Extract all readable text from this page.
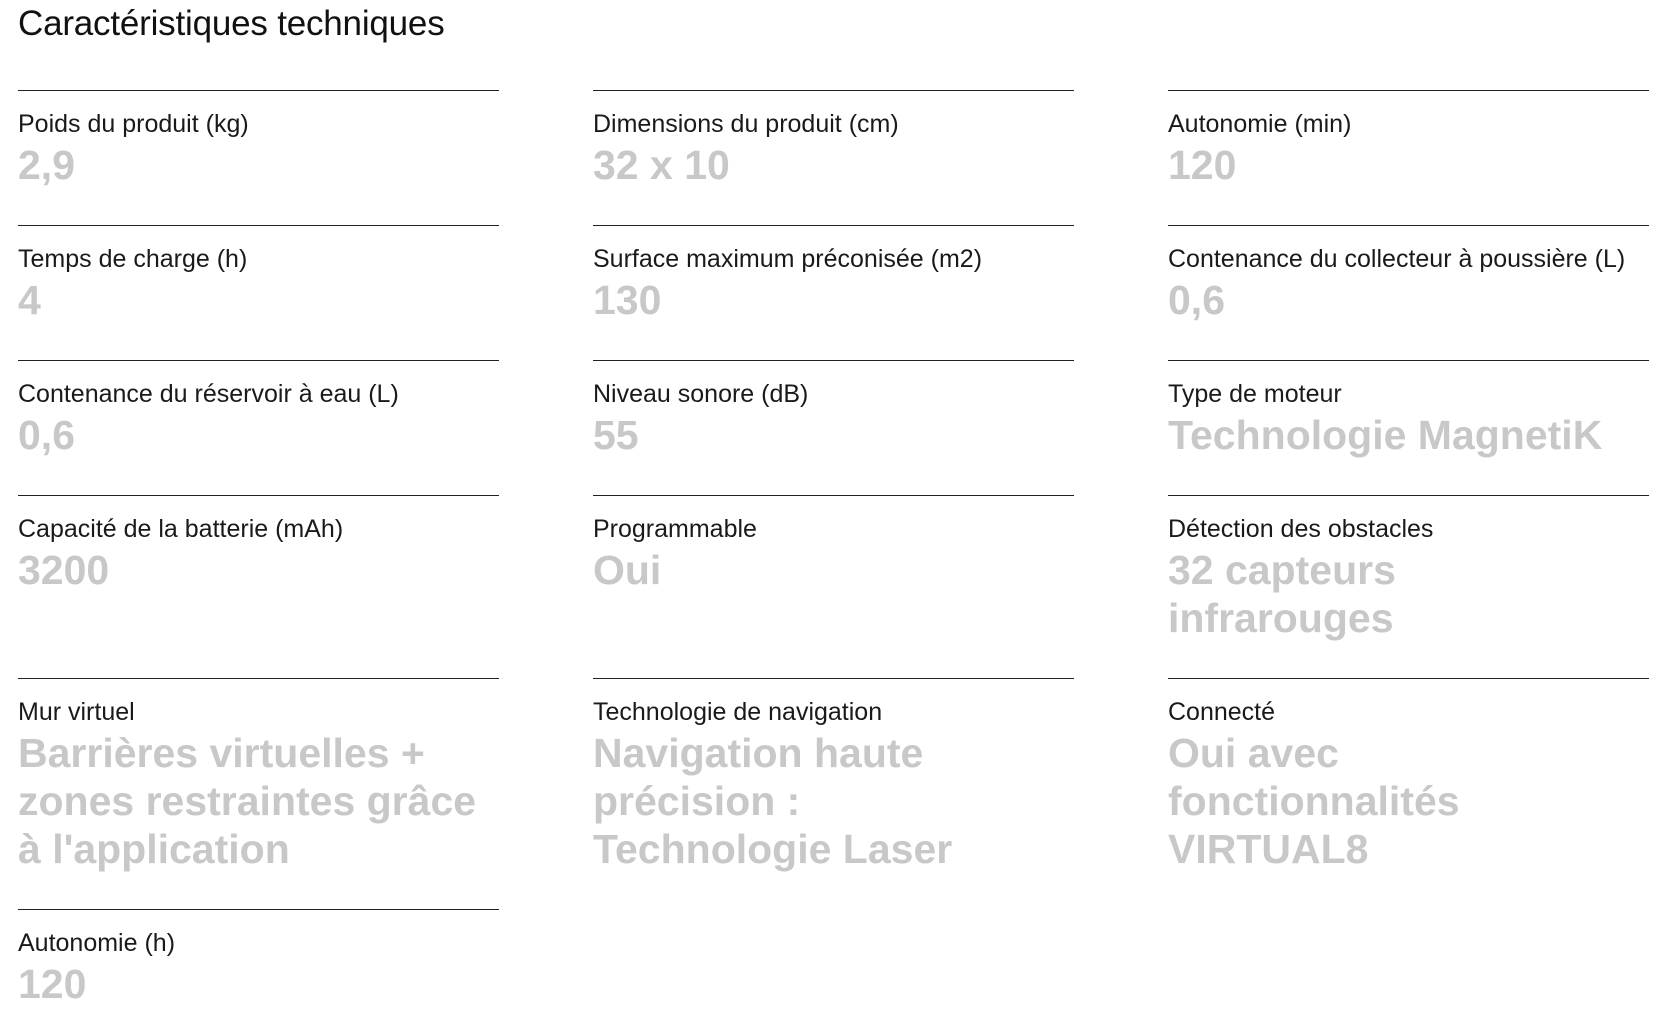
Caractéristiques techniques
Poids du produit (kg)
2,9
Dimensions du produit (cm)
32 x 10
Autonomie (min)
120
Temps de charge (h)
4
Surface maximum préconisée (m2)
130
Contenance du collecteur à poussière (L)
0,6
Contenance du réservoir à eau (L)
0,6
Niveau sonore (dB)
55
Type de moteur
Technologie MagnetiK
Capacité de la batterie (mAh)
3200
Programmable
Oui
Détection des obstacles
32 capteurs infrarouges
Mur virtuel
Barrières virtuelles + zones restraintes grâce à l'application
Technologie de navigation
Navigation haute précision : Technologie Laser
Connecté
Oui avec fonctionnalités VIRTUAL8
Autonomie (h)
120
